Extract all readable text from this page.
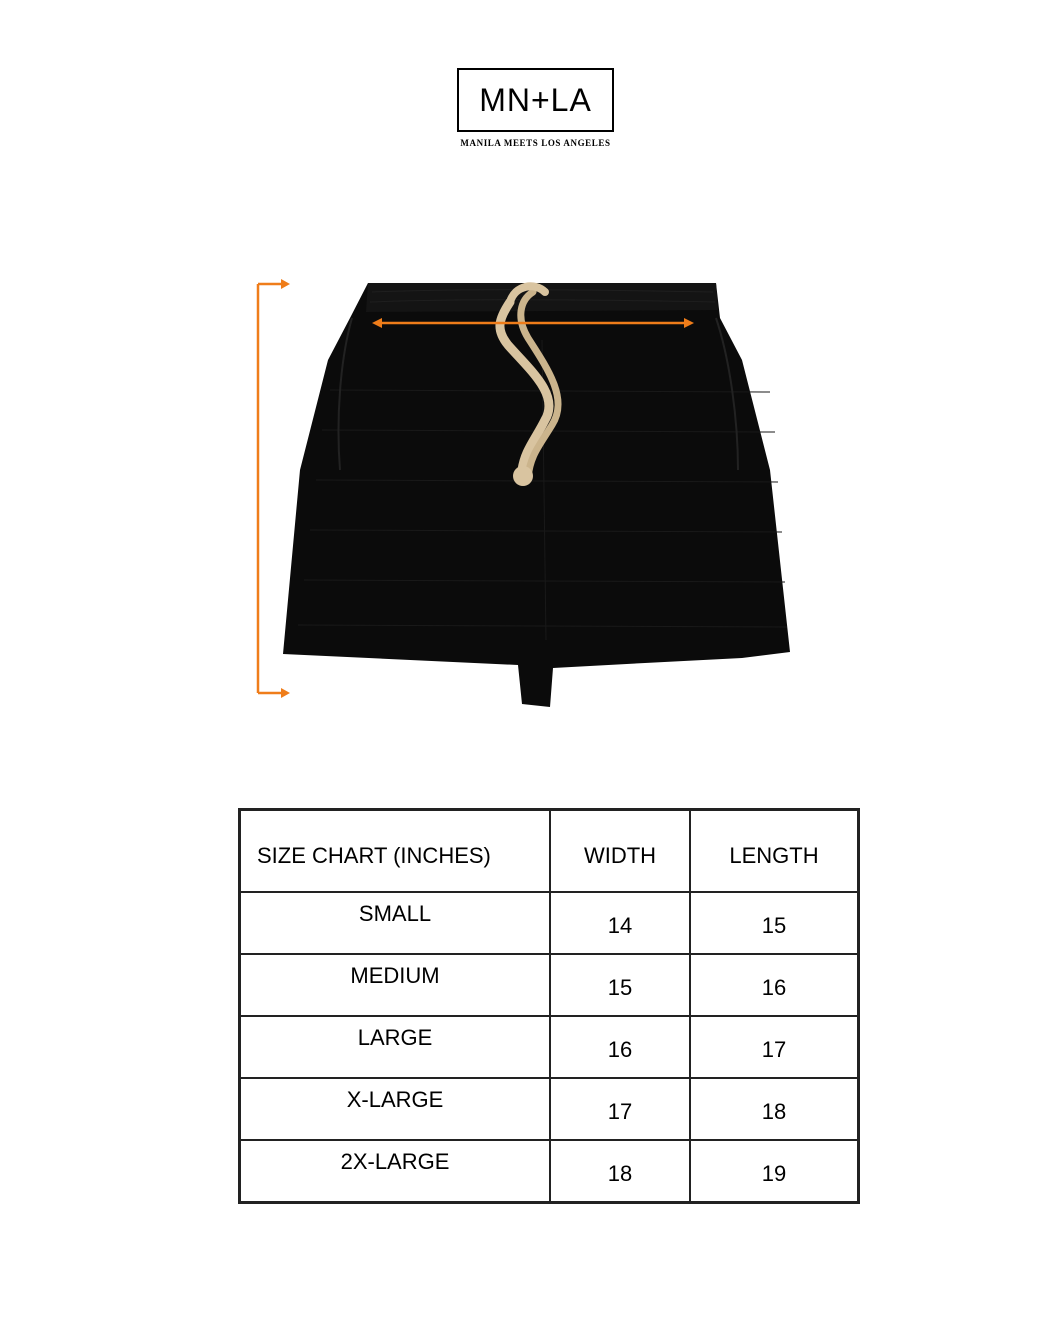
MN+LA
MANILA MEETS LOS ANGELES
SIZE CHART (INCHES)	WIDTH	LENGTH
SMALL	14	15
MEDIUM	15	16
LARGE	16	17
X-LARGE	17	18
2X-LARGE	18	19
